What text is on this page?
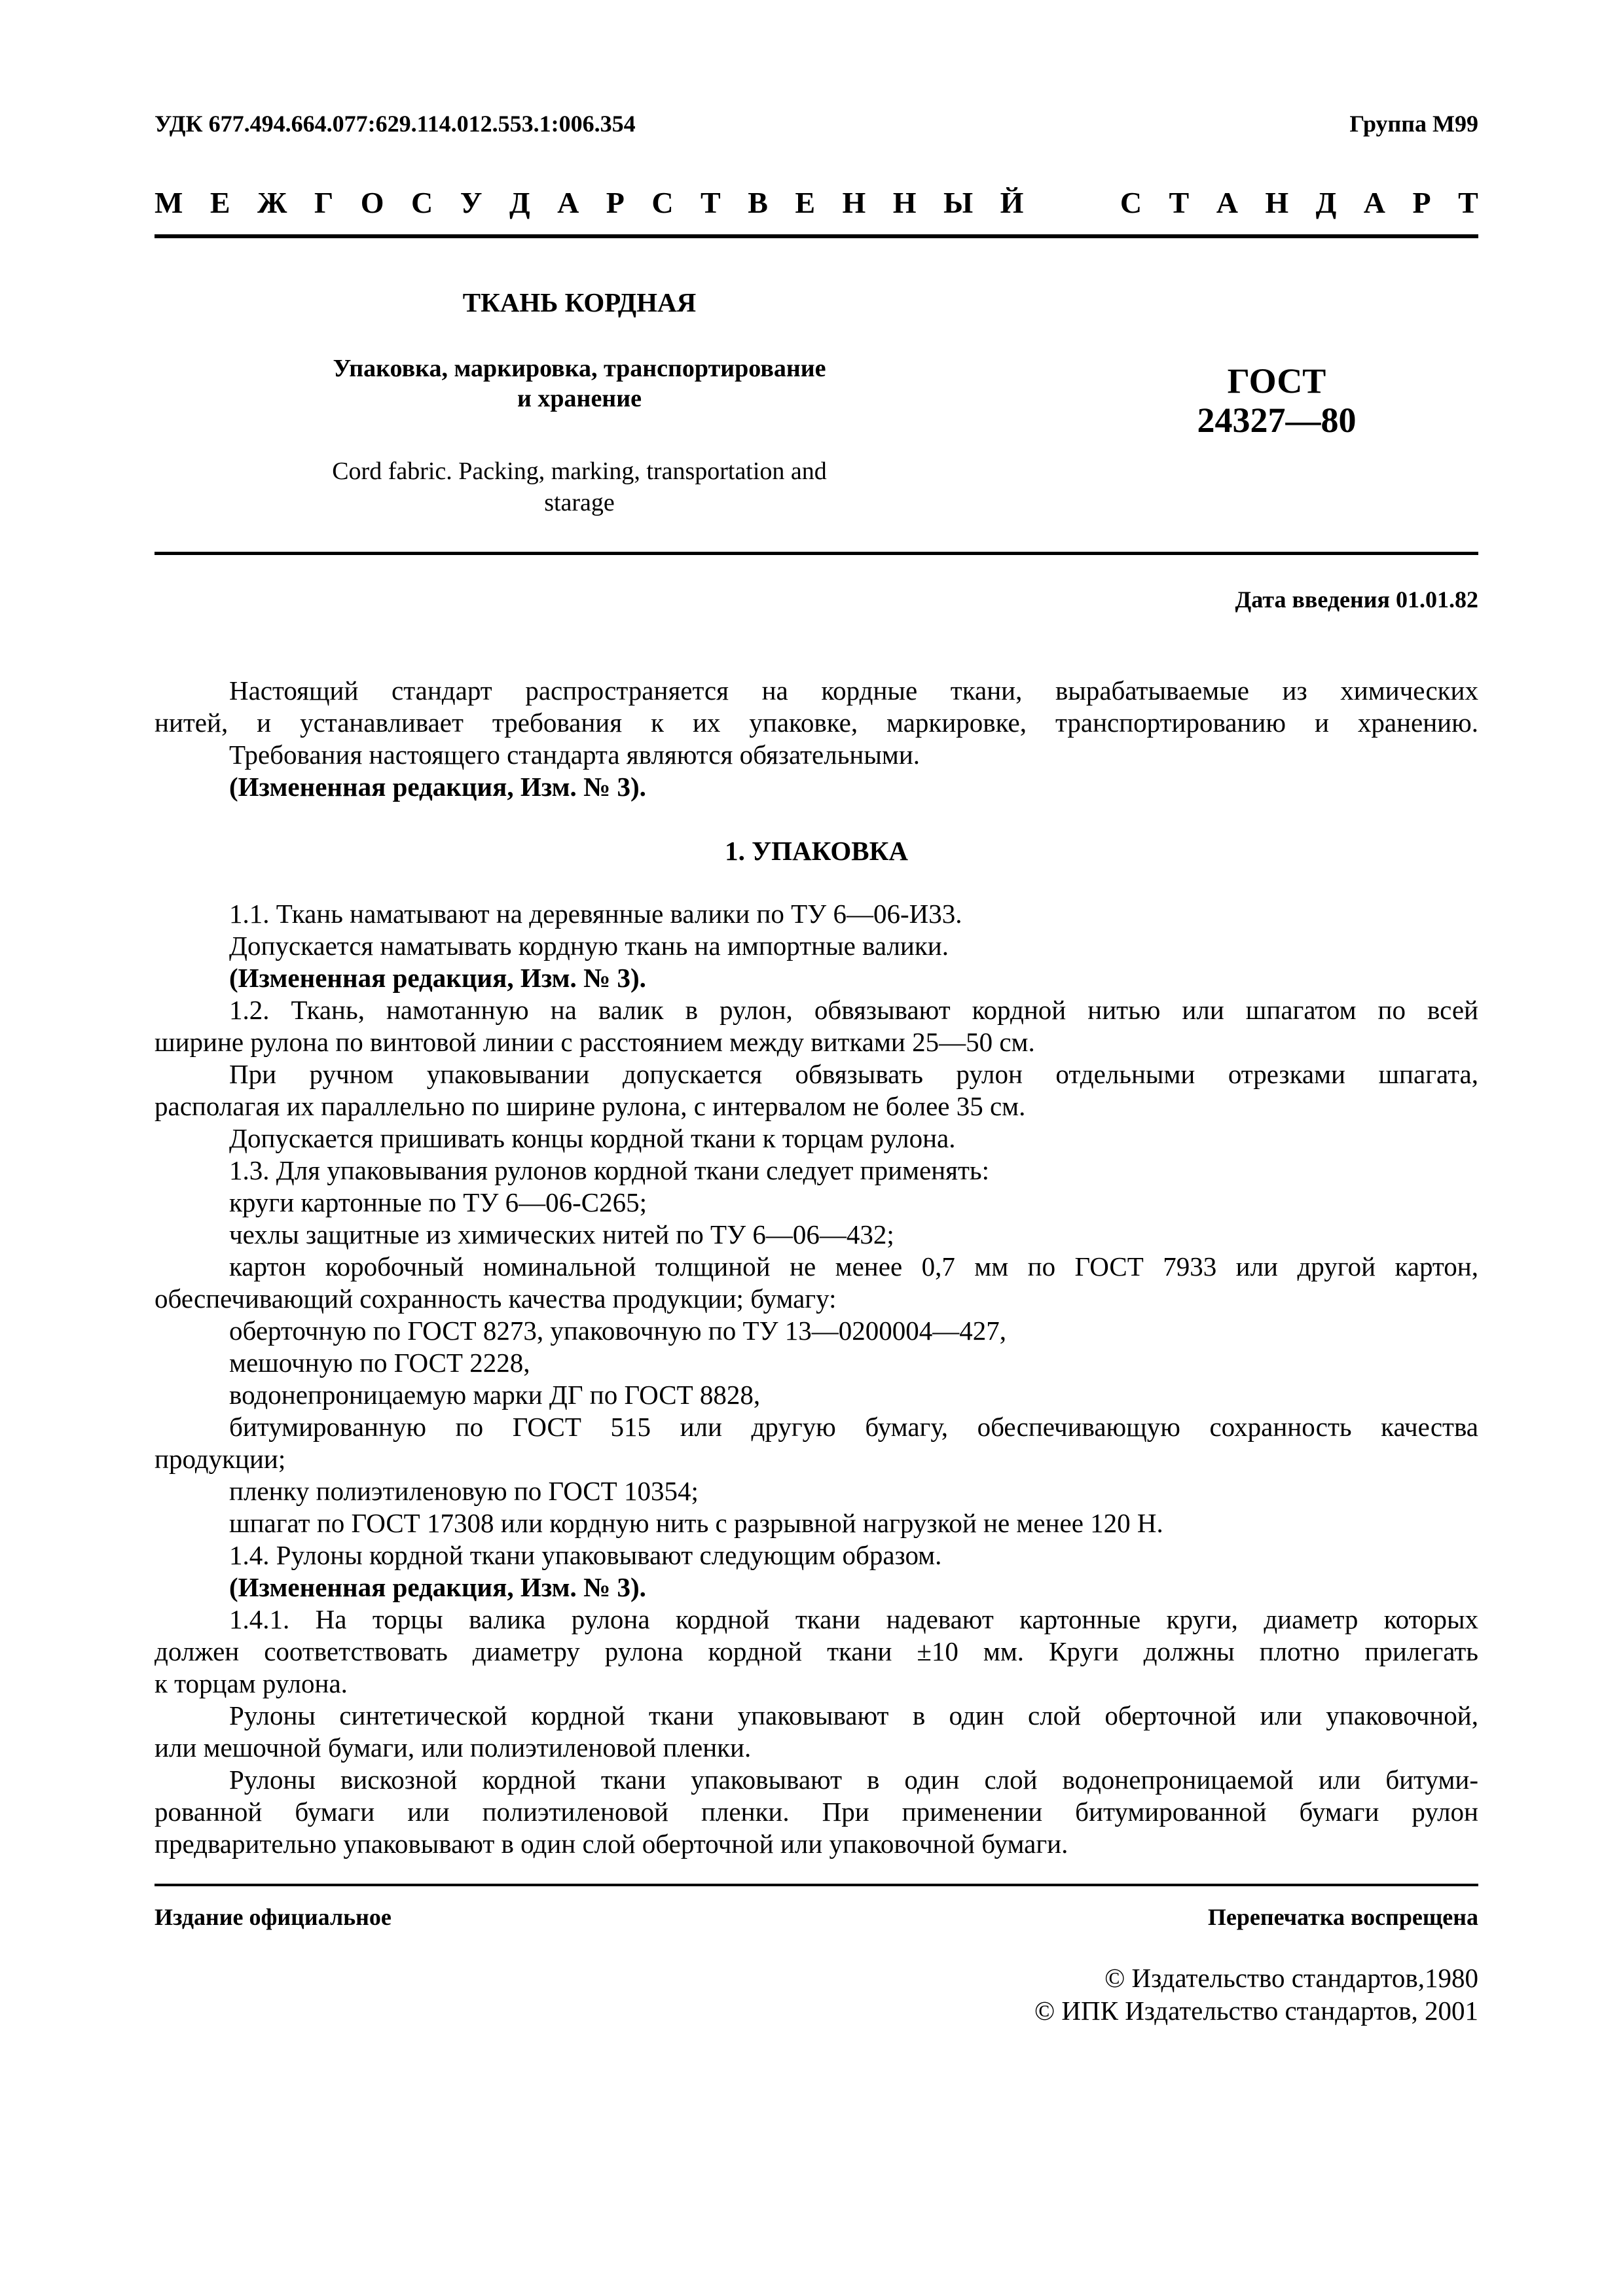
УДК 677.494.664.077:629.114.012.553.1:006.354	Группа М99
М Е Ж Г О С У Д А Р С Т В Е Н Н Ы Й

	С Т А Н Д А Р Т
ТКАНЬ КОРДНАЯ
Упаковка, маркировка, транспортирование
и хранение
Cord fabric. Packing, marking, transportation and
starage
ГОСТ
24327—80
Дата введения 01.01.82
Настоящий стандарт распространяется на кордные ткани, вырабатываемые из химических
нитей, и устанавливает требования к их упаковке, маркировке, транспортированию и хранению.
Требования настоящего стандарта являются обязательными.
(Измененная редакция, Изм. № 3).
1. УПАКОВКА
1.1. Ткань наматывают на деревянные валики по ТУ 6—06-И33.
Допускается наматывать кордную ткань на импортные валики.
(Измененная редакция, Изм. № 3).
1.2. Ткань, намотанную на валик в рулон, обвязывают кордной нитью или шпагатом по всей
ширине рулона по винтовой линии с расстоянием между витками 25—50 см.
При ручном упаковывании допускается обвязывать рулон отдельными отрезками шпагата,
располагая их параллельно по ширине рулона, с интервалом не более 35 см.
Допускается пришивать концы кордной ткани к торцам рулона.
1.3. Для упаковывания рулонов кордной ткани следует применять:
круги картонные по ТУ 6—06-С265;
чехлы защитные из химических нитей по ТУ 6—06—432;
картон коробочный номинальной толщиной не менее 0,7 мм по ГОСТ 7933 или другой картон,
обеспечивающий сохранность качества продукции; бумагу:
оберточную по ГОСТ 8273, упаковочную по ТУ 13—0200004—427,
мешочную по ГОСТ 2228,
водонепроницаемую марки ДГ по ГОСТ 8828,
битумированную по ГОСТ 515 или другую бумагу, обеспечивающую сохранность качества
продукции;
пленку полиэтиленовую по ГОСТ 10354;
шпагат по ГОСТ 17308 или кордную нить с разрывной нагрузкой не менее 120 Н.
1.4. Рулоны кордной ткани упаковывают следующим образом.
(Измененная редакция, Изм. № 3).
1.4.1. На торцы валика рулона кордной ткани надевают картонные круги, диаметр которых
должен соответствовать диаметру рулона кордной ткани ±10 мм. Круги должны плотно прилегать
к торцам рулона.
Рулоны синтетической кордной ткани упаковывают в один слой оберточной или упаковочной,
или мешочной бумаги, или полиэтиленовой пленки.
Рулоны вискозной кордной ткани упаковывают в один слой водонепроницаемой или битуми-
рованной бумаги или полиэтиленовой пленки. При применении битумированной бумаги рулон
предварительно упаковывают в один слой оберточной или упаковочной бумаги.
Издание официальное	Перепечатка воспрещена
© Издательство стандартов,1980
© ИПК Издательство стандартов, 2001
